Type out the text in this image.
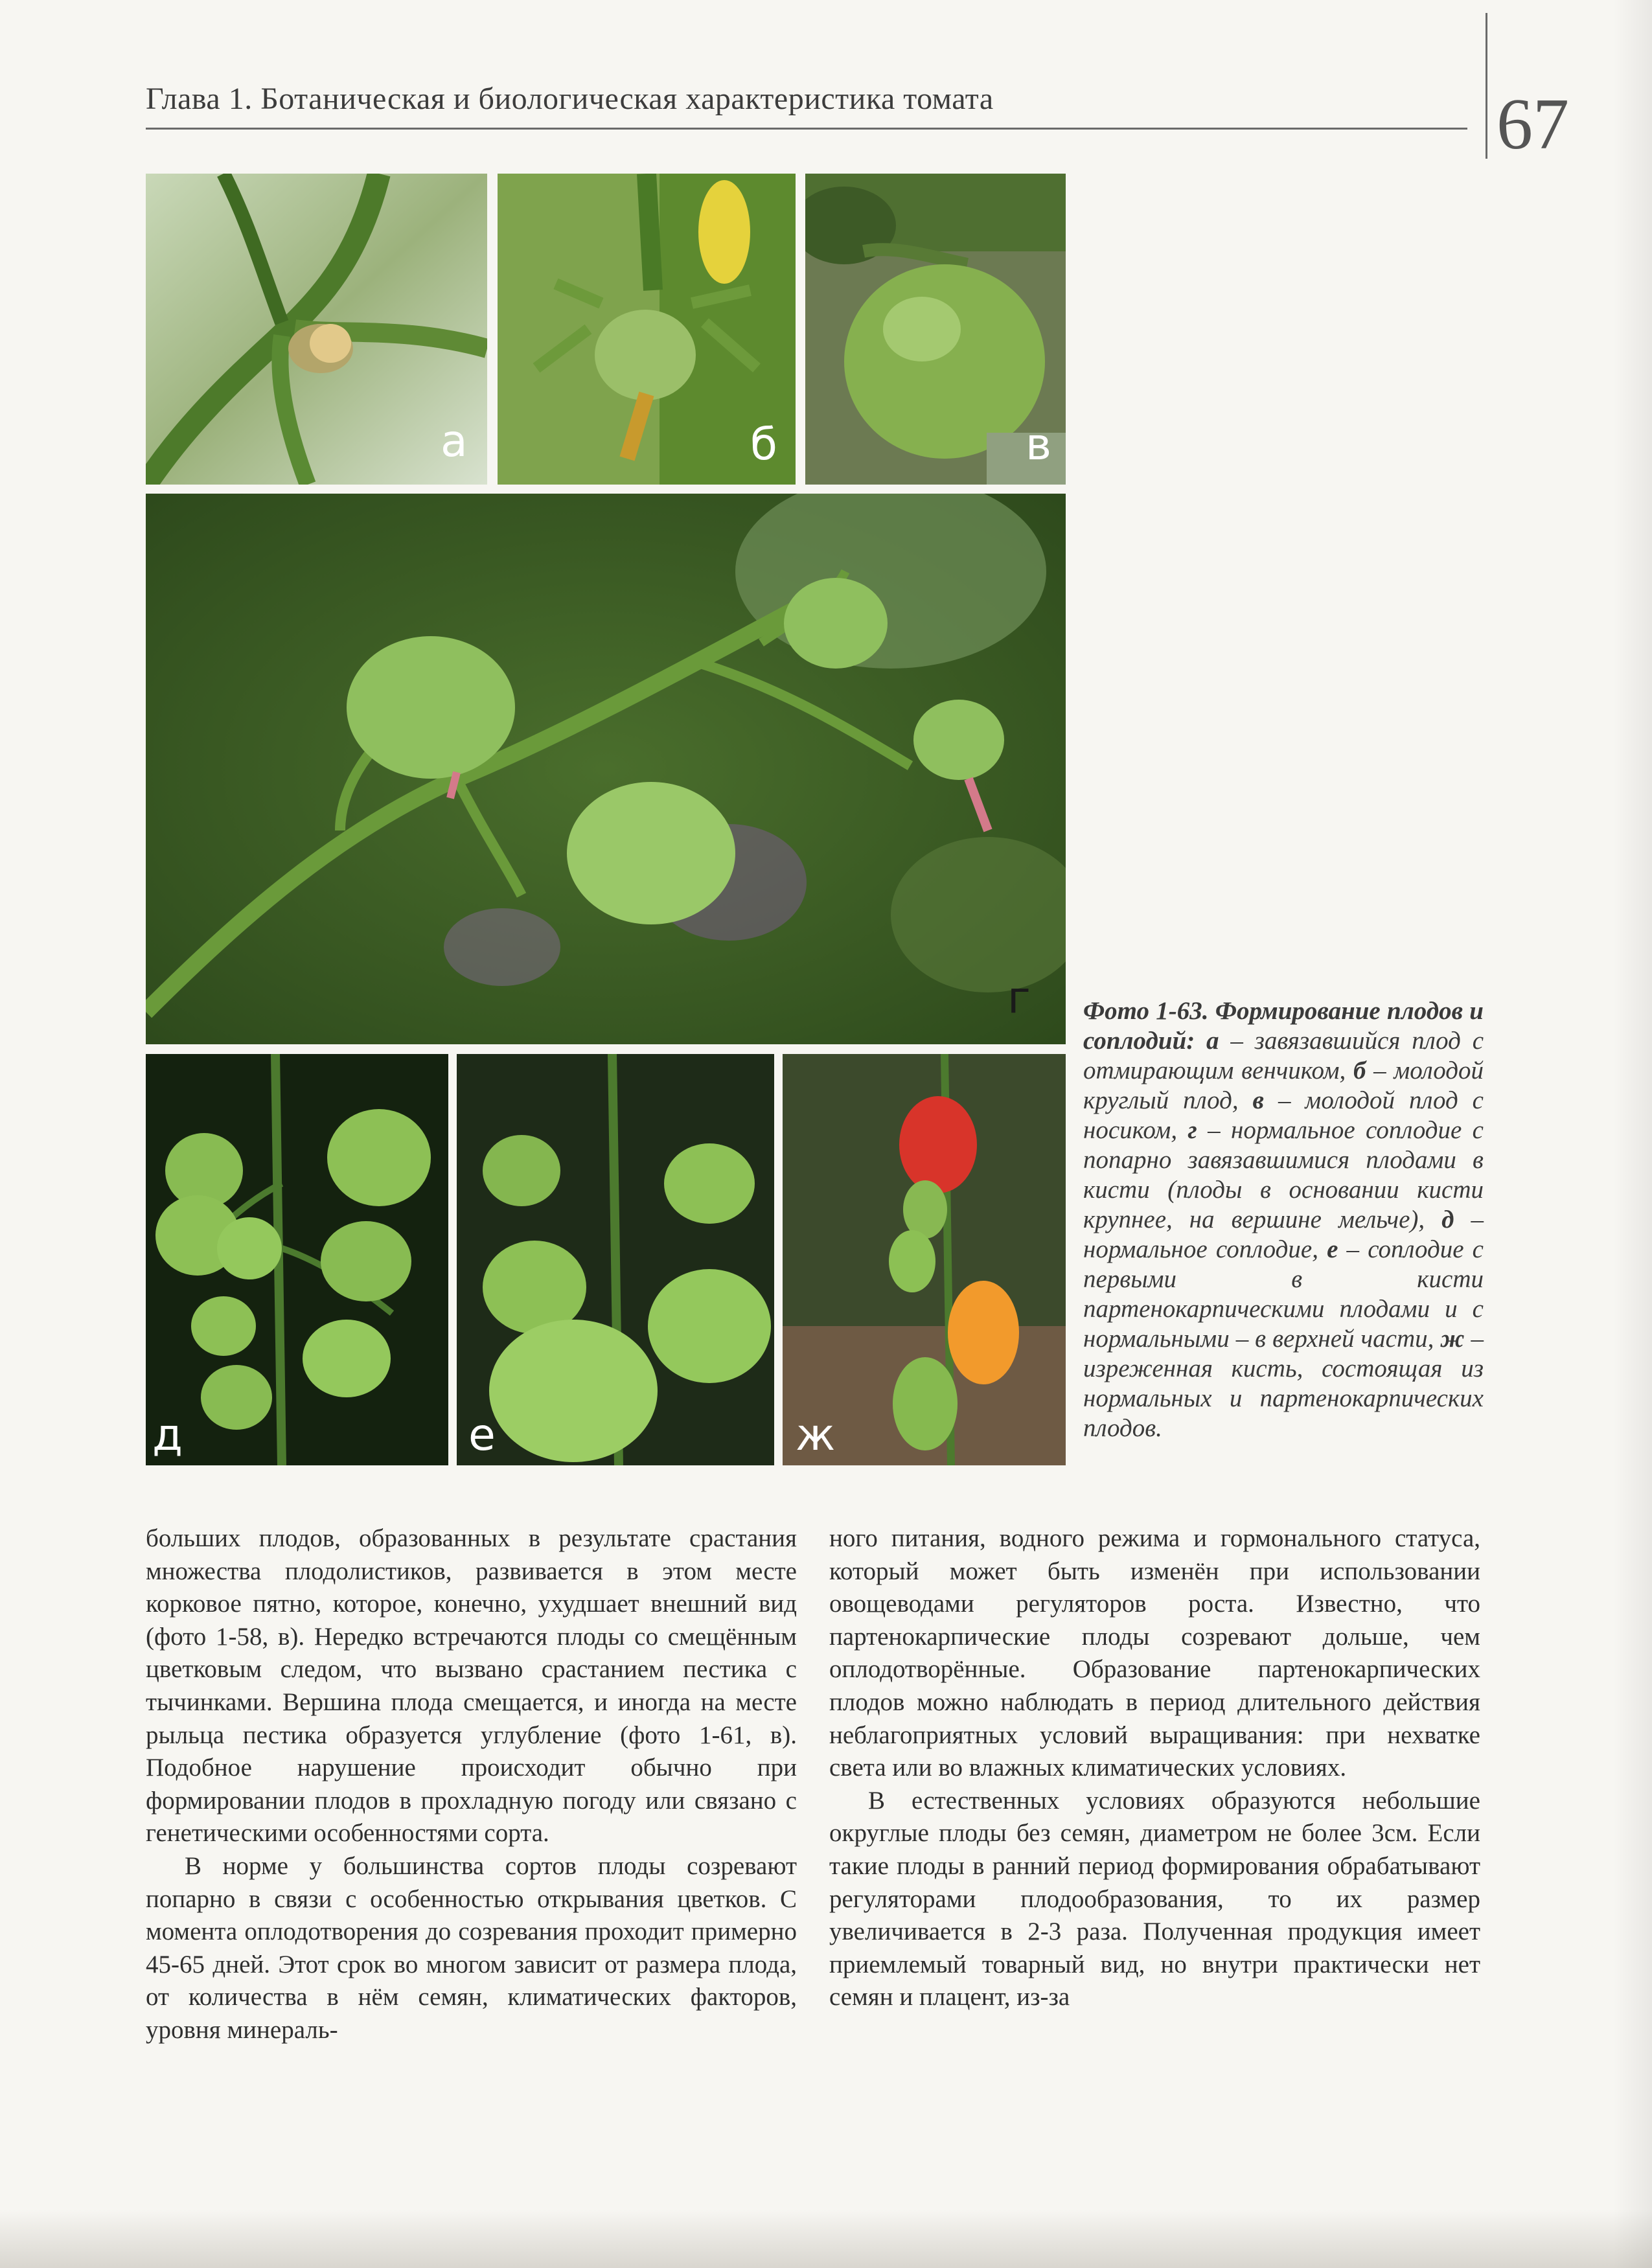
Глава 1. Ботаническая и биологическая характеристика томата	67
а	б	в
г
д	е	ж
Фото 1-63. Формирование плодов и соплодий: а – завязавшийся плод с отмирающим венчиком, б – молодой круглый плод, в – молодой плод с носиком, г – нормальное соплодие с попарно завязавшимися плодами в кисти (плоды в основании кисти крупнее, на вершине мельче), д – нормальное соплодие, е – соплодие с первыми в кисти партенокарпическими плодами и с нормальными – в верхней части, ж – изреженная кисть, состоящая из нормальных и партенокарпических плодов.

больших плодов, образованных в результате срастания множества плодолистиков, развивается в этом месте корковое пятно, которое, конечно, ухудшает внешний вид (фото 1-58, в). Нередко встречаются плоды со смещённым цветковым следом, что вызвано срастанием пестика с тычинками. Вершина плода смещается, и иногда на месте рыльца пестика образуется углубление (фото 1-61, в). Подобное нарушение происходит обычно при формировании плодов в прохладную погоду или связано с генетическими особенностями сорта.

В норме у большинства сортов плоды созревают попарно в связи с особенностью открывания цветков. С момента оплодотворения до созревания проходит примерно 45-65 дней. Этот срок во многом зависит от размера плода, от количества в нём семян, климатических факторов, уровня минераль-

ного питания, водного режима и гормонального статуса, который может быть изменён при использовании овощеводами регуляторов роста. Известно, что партенокарпические плоды созревают дольше, чем оплодотворённые. Образование партенокарпических плодов можно наблюдать в период длительного действия неблагоприятных условий выращивания: при нехватке света или во влажных климатических условиях.

В естественных условиях образуются небольшие округлые плоды без семян, диаметром не более 3см. Если такие плоды в ранний период формирования обрабатывают регуляторами плодообразования, то их размер увеличивается в 2-3 раза. Полученная продукция имеет приемлемый товарный вид, но внутри практически нет семян и плацент, из-за
